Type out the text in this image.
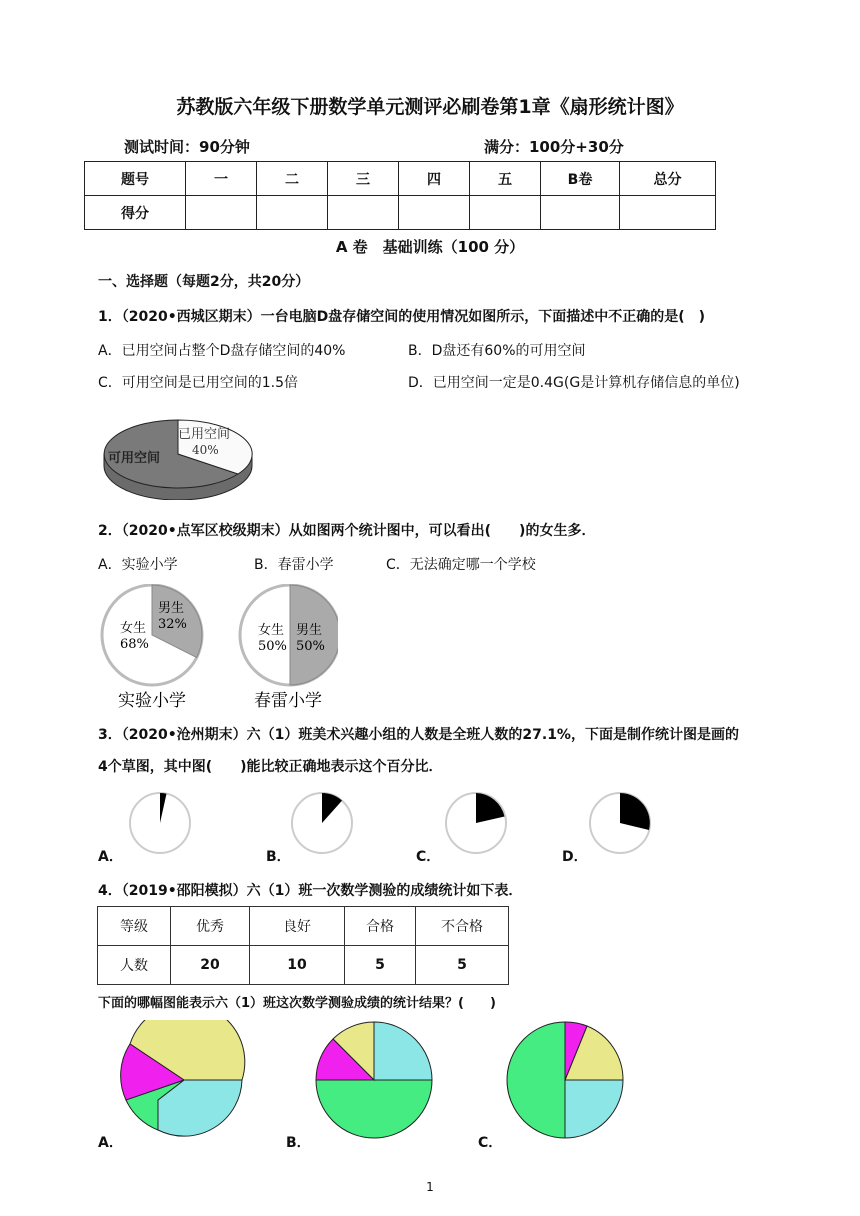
苏教版六年级下册数学单元测评必刷卷第1章《扇形统计图》
测试时间：90分钟	满分：100分+30分
题号	一	二	三	四	五	B卷	总分
得分							
A 卷　基础训练（100 分）
一、选择题（每题2分，共20分）
1．（2020•西城区期末）一台电脑D盘存储空间的使用情况如图所示，下面描述中不正确的是(　)
A．已用空间占整个D盘存储空间的40%	B．D盘还有60%的可用空间
C．可用空间是已用空间的1.5倍	D．已用空间一定是0.4G(G是计算机存储信息的单位)
已用空间
40%
可用空间
2．（2020•点军区校级期末）从如图两个统计图中，可以看出(　　)的女生多．
A．实验小学	B．春雷小学	C．无法确定哪一个学校
女生
68%
男生
32%
实验小学
女生
50%
男生
50%
春雷小学
3．（2020•沧州期末）六（1）班美术兴趣小组的人数是全班人数的27.1%，下面是制作统计图是画的
4个草图，其中图(　　)能比较正确地表示这个百分比．
A．	B．	C．	D．
4．（2019•邵阳模拟）六（1）班一次数学测验的成绩统计如下表．
等级	优秀	良好	合格	不合格
人数	20	10	5	5
下面的哪幅图能表示六（1）班这次数学测验成绩的统计结果？(　　)
A．	B．	C．
1
